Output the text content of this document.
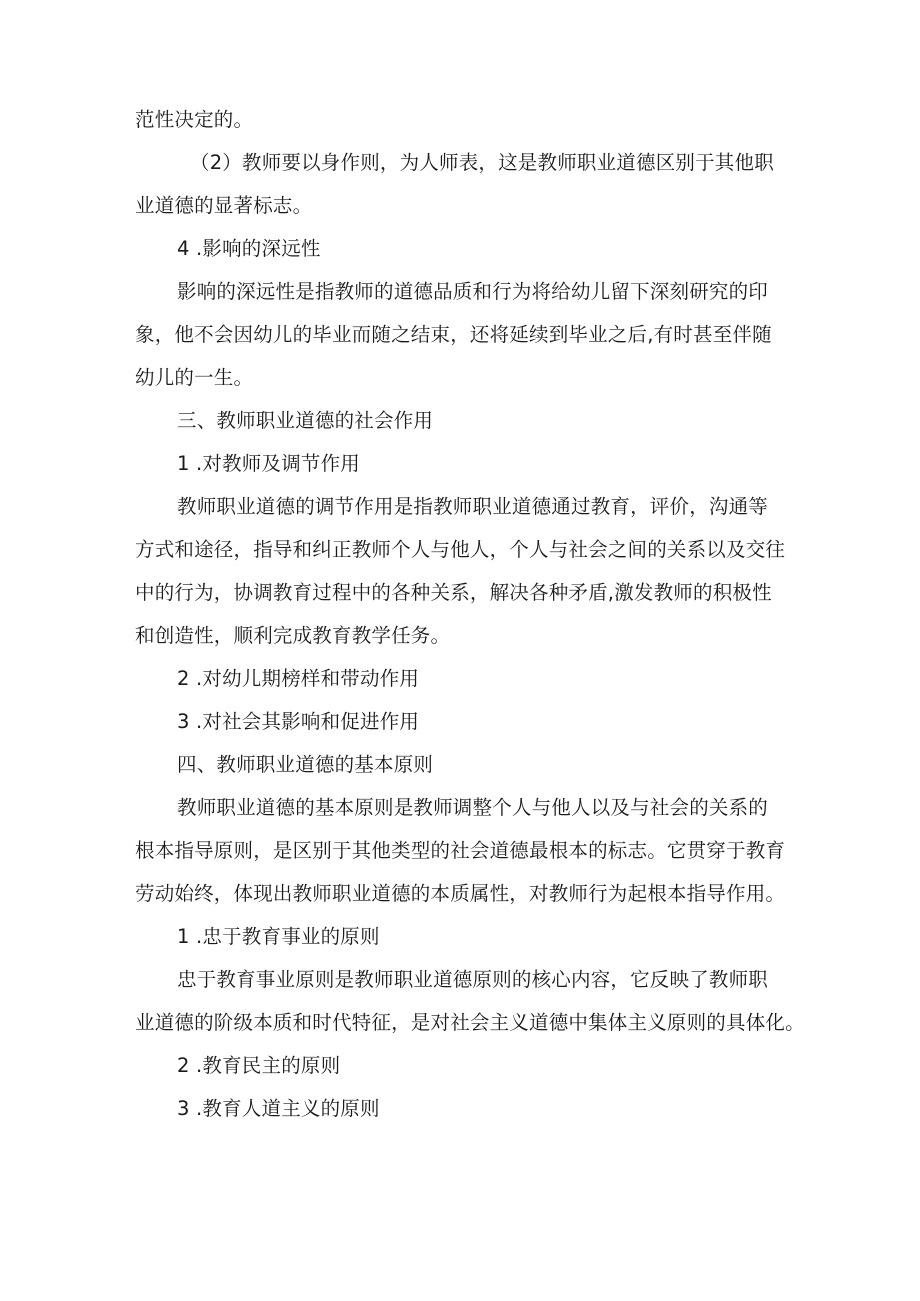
范性决定的。
（2）教师要以身作则，为人师表，这是教师职业道德区别于其他职
业道德的显著标志。
4 .影响的深远性
影响的深远性是指教师的道德品质和行为将给幼儿留下深刻研究的印
象，他不会因幼儿的毕业而随之结束，还将延续到毕业之后,有时甚至伴随
幼儿的一生。
三、教师职业道德的社会作用
1 .对教师及调节作用
教师职业道德的调节作用是指教师职业道德通过教育，评价，沟通等
方式和途径，指导和纠正教师个人与他人，个人与社会之间的关系以及交往
中的行为，协调教育过程中的各种关系，解决各种矛盾,激发教师的积极性
和创造性，顺利完成教育教学任务。
2 .对幼儿期榜样和带动作用
3 .对社会其影响和促进作用
四、教师职业道德的基本原则
教师职业道德的基本原则是教师调整个人与他人以及与社会的关系的
根本指导原则，是区别于其他类型的社会道德最根本的标志。它贯穿于教育
劳动始终，体现出教师职业道德的本质属性，对教师行为起根本指导作用。
1 .忠于教育事业的原则
忠于教育事业原则是教师职业道德原则的核心内容，它反映了教师职
业道德的阶级本质和时代特征，是对社会主义道德中集体主义原则的具体化。
2 .教育民主的原则
3 .教育人道主义的原则
